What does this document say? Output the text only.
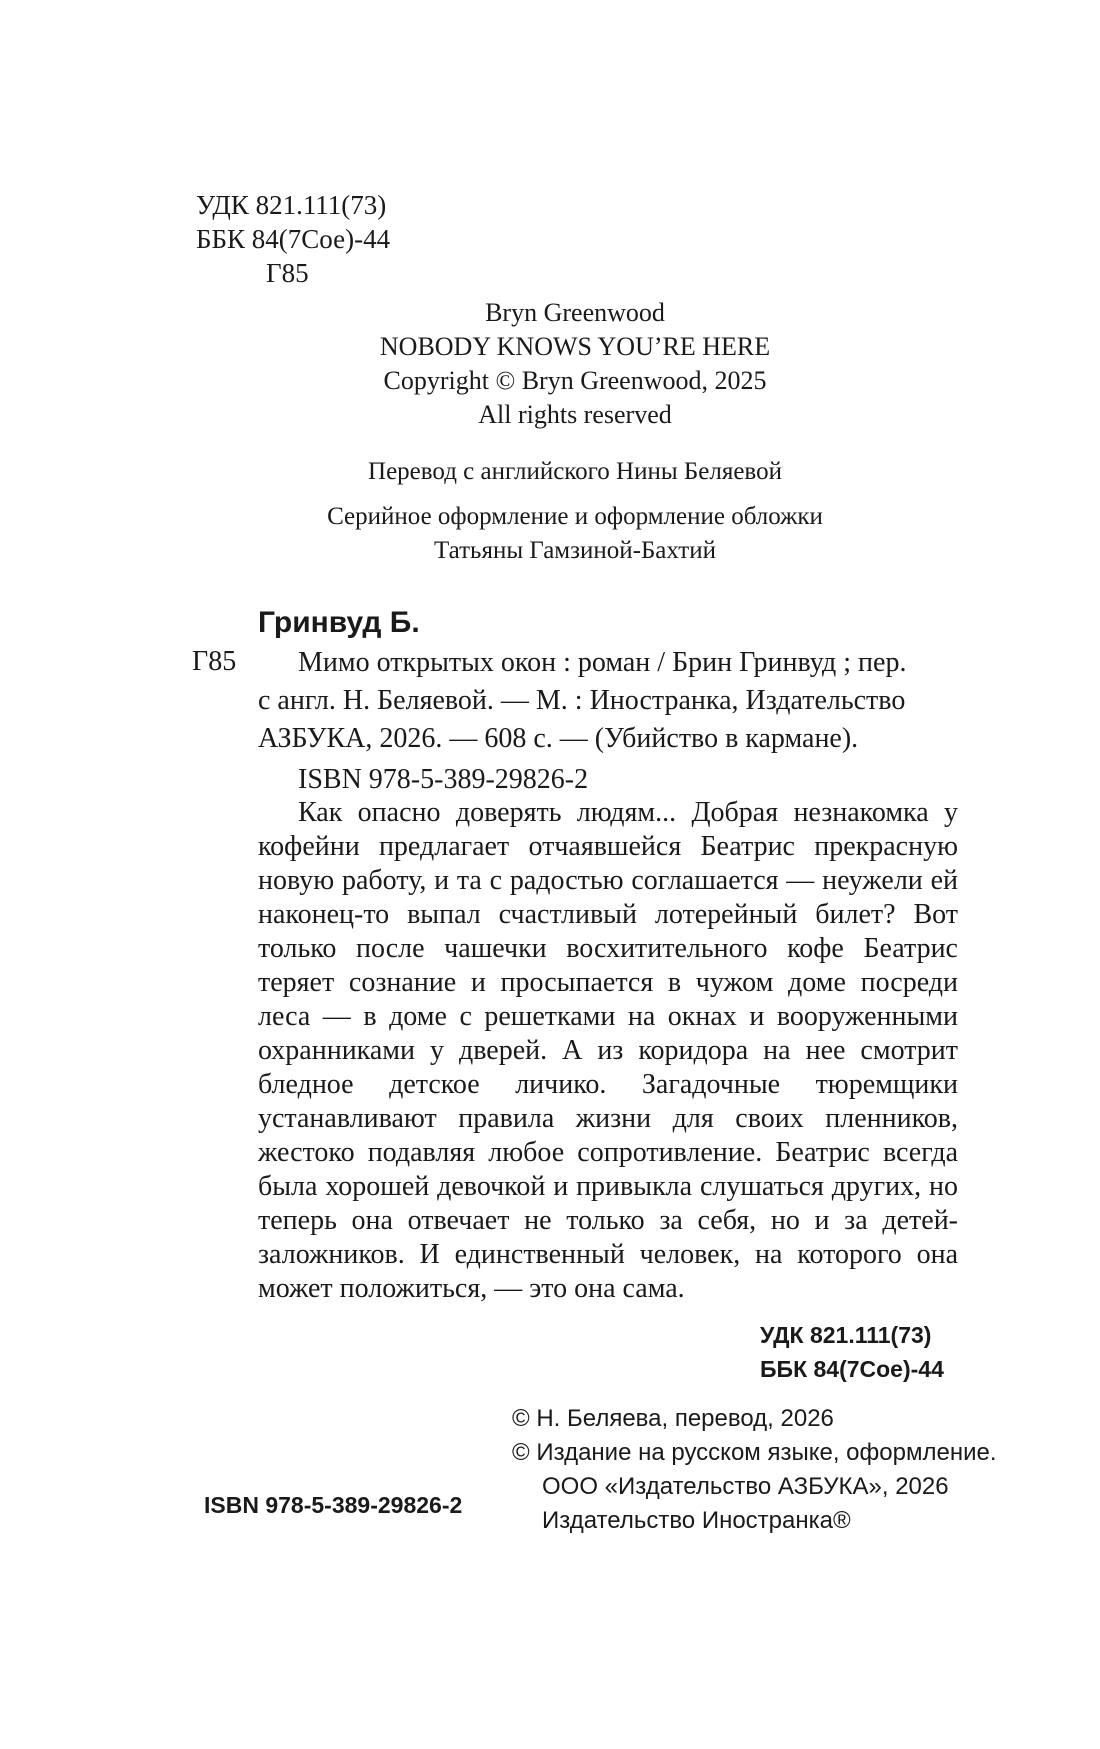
УДК 821.111(73)
ББК 84(7Сое)-44
Г85
Bryn Greenwood
NOBODY KNOWS YOU’RE HERE
Copyright © Bryn Greenwood, 2025
All rights reserved
Перевод с английского Нины Беляевой
Серийное оформление и оформление обложки
Татьяны Гамзиной-Бахтий
Гринвуд Б.
Г85	Мимо открытых окон : роман / Брин Гринвуд ; пер.
с англ. Н. Беляевой. — М. : Иностранка, Издательство
АЗБУКА, 2026. — 608 с. — (Убийство в кармане).
ISBN 978-5-389-29826-2

Как опасно доверять людям... Добрая незнакомка у кофейни предлагает отчаявшейся Беатрис прекрасную новую работу, и та с радостью соглашается — неужели ей наконец-то выпал счастливый лотерейный билет? Вот только после чашечки восхитительного кофе Беатрис теряет сознание и просыпается в чужом доме посреди леса — в доме с решетками на окнах и вооруженными охранниками у дверей. А из коридора на нее смотрит бледное детское личико. Загадочные тюремщики устанавливают правила жизни для своих пленников, жестоко подавляя любое сопротивление. Беатрис всегда была хорошей девочкой и привыкла слушаться других, но теперь она отвечает не только за себя, но и за детей-заложников. И единственный человек, на которого она может положиться, — это она сама.

УДК 821.111(73)
ББК 84(7Сое)-44
© Н. Беляева, перевод, 2026
© Издание на русском языке, оформление.
ООО «Издательство АЗБУКА», 2026
Издательство Иностранка®
ISBN 978-5-389-29826-2
